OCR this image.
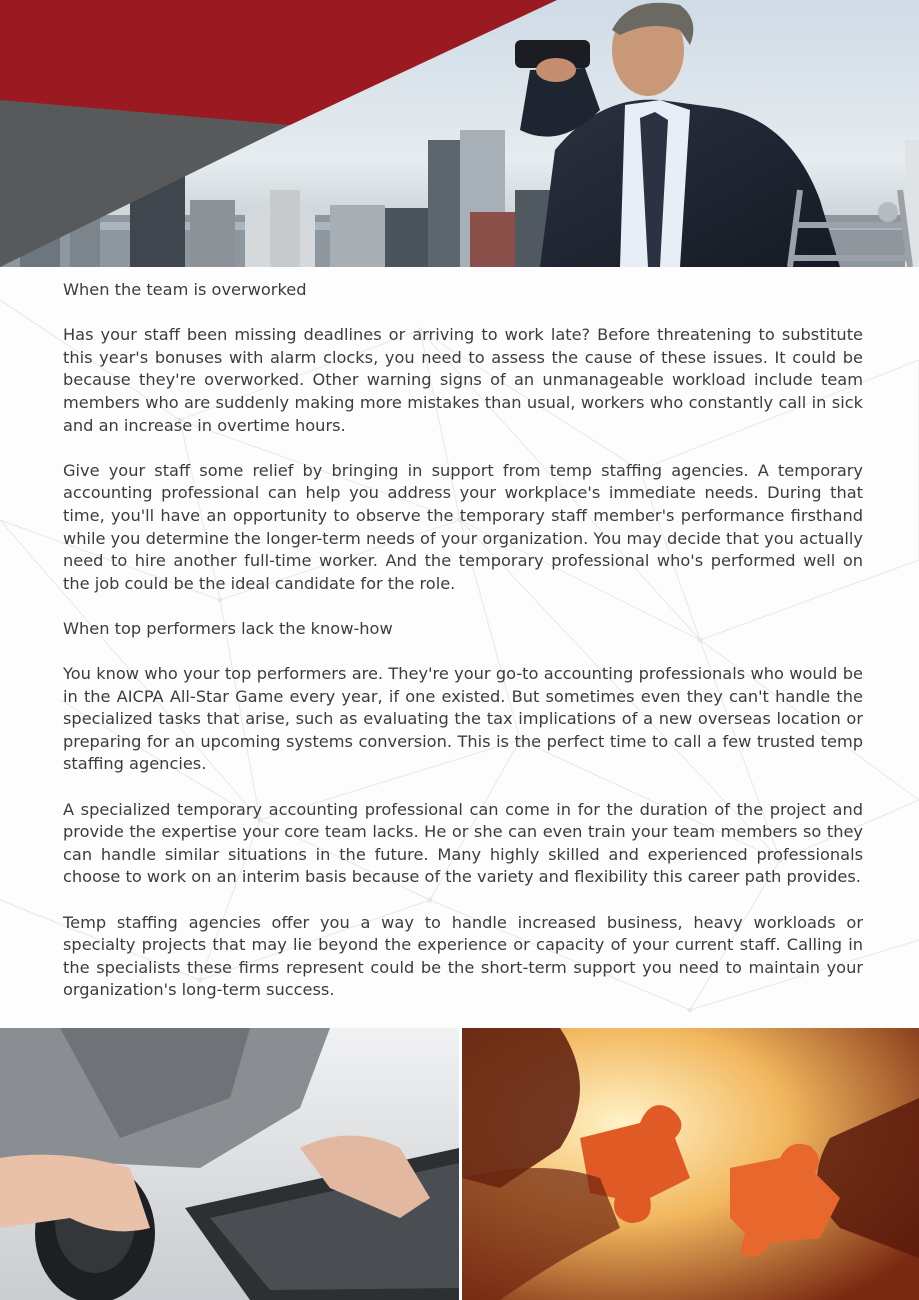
When the team is overworked

Has your staff been missing deadlines or arriving to work late? Before threatening to substitute this year's bonuses with alarm clocks, you need to assess the cause of these issues. It could be because they're overworked. Other warning signs of an unmanageable workload include team members who are suddenly making more mistakes than usual, workers who constantly call in sick and an increase in overtime hours.

Give your staff some relief by bringing in support from temp staffing agencies. A temporary accounting professional can help you address your workplace's immediate needs. During that time, you'll have an opportunity to observe the temporary staff member's performance firsthand while you determine the longer-term needs of your organization. You may decide that you actually need to hire another full-time worker. And the temporary professional who's performed well on the job could be the ideal candidate for the role.

When top performers lack the know-how

You know who your top performers are. They're your go-to accounting professionals who would be in the AICPA All-Star Game every year, if one existed. But sometimes even they can't handle the specialized tasks that arise, such as evaluating the tax implications of a new overseas location or preparing for an upcoming systems conversion. This is the perfect time to call a few trusted temp staffing agencies.

A specialized temporary accounting professional can come in for the duration of the project and provide the expertise your core team lacks. He or she can even train your team members so they can handle similar situations in the future. Many highly skilled and experienced professionals choose to work on an interim basis because of the variety and flexibility this career path provides.

Temp staffing agencies offer you a way to handle increased business, heavy workloads or specialty projects that may lie beyond the experience or capacity of your current staff. Calling in the specialists these firms represent could be the short-term support you need to maintain your organization's long-term success.
